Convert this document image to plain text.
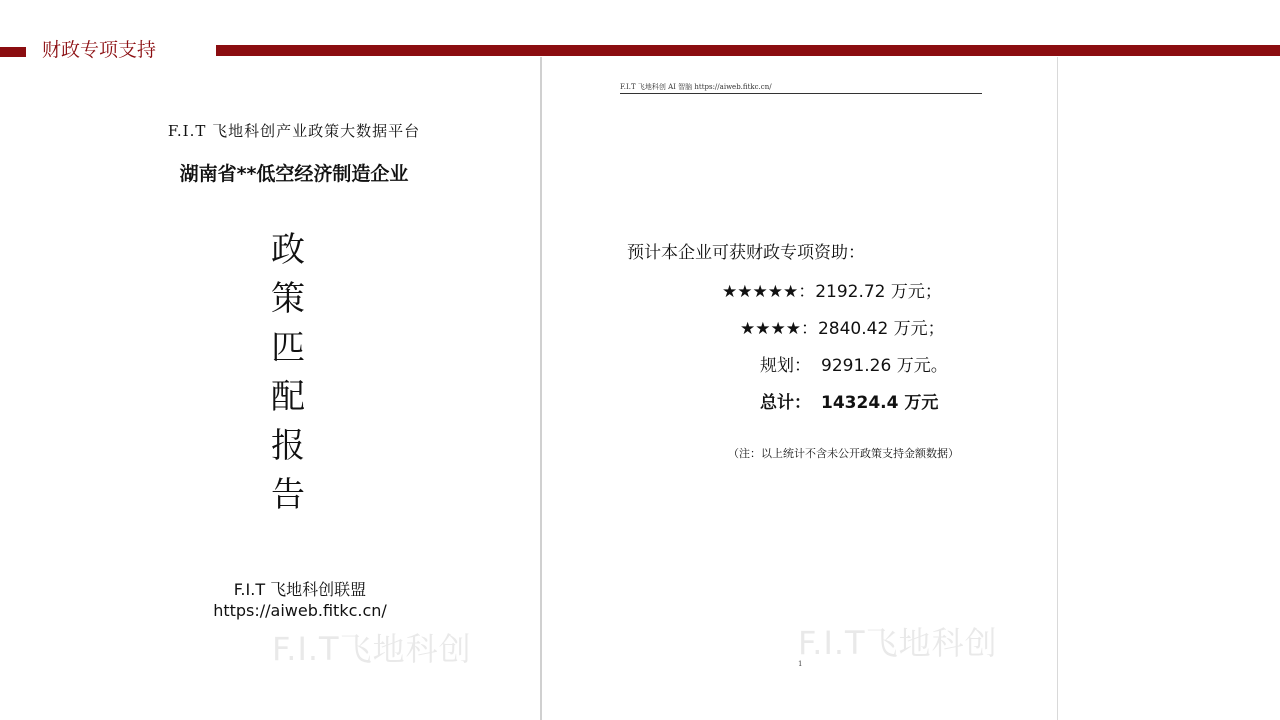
财政专项支持
F.I.T 飞地科创产业政策大数据平台
湖南省**低空经济制造企业
政
策
匹
配
报
告
F.I.T 飞地科创联盟
https://aiweb.fitkc.cn/
F.I.T飞地科创
F.I.T 飞地科创 AI 智脑 https://aiweb.fitkc.cn/
预计本企业可获财政专项资助：
★★★★★：2192.72 万元；
★★★★：2840.42 万元；
规划： 9291.26 万元。
总计： 14324.4 万元
（注：以上统计不含未公开政策支持金额数据）
F.I.T飞地科创
1
